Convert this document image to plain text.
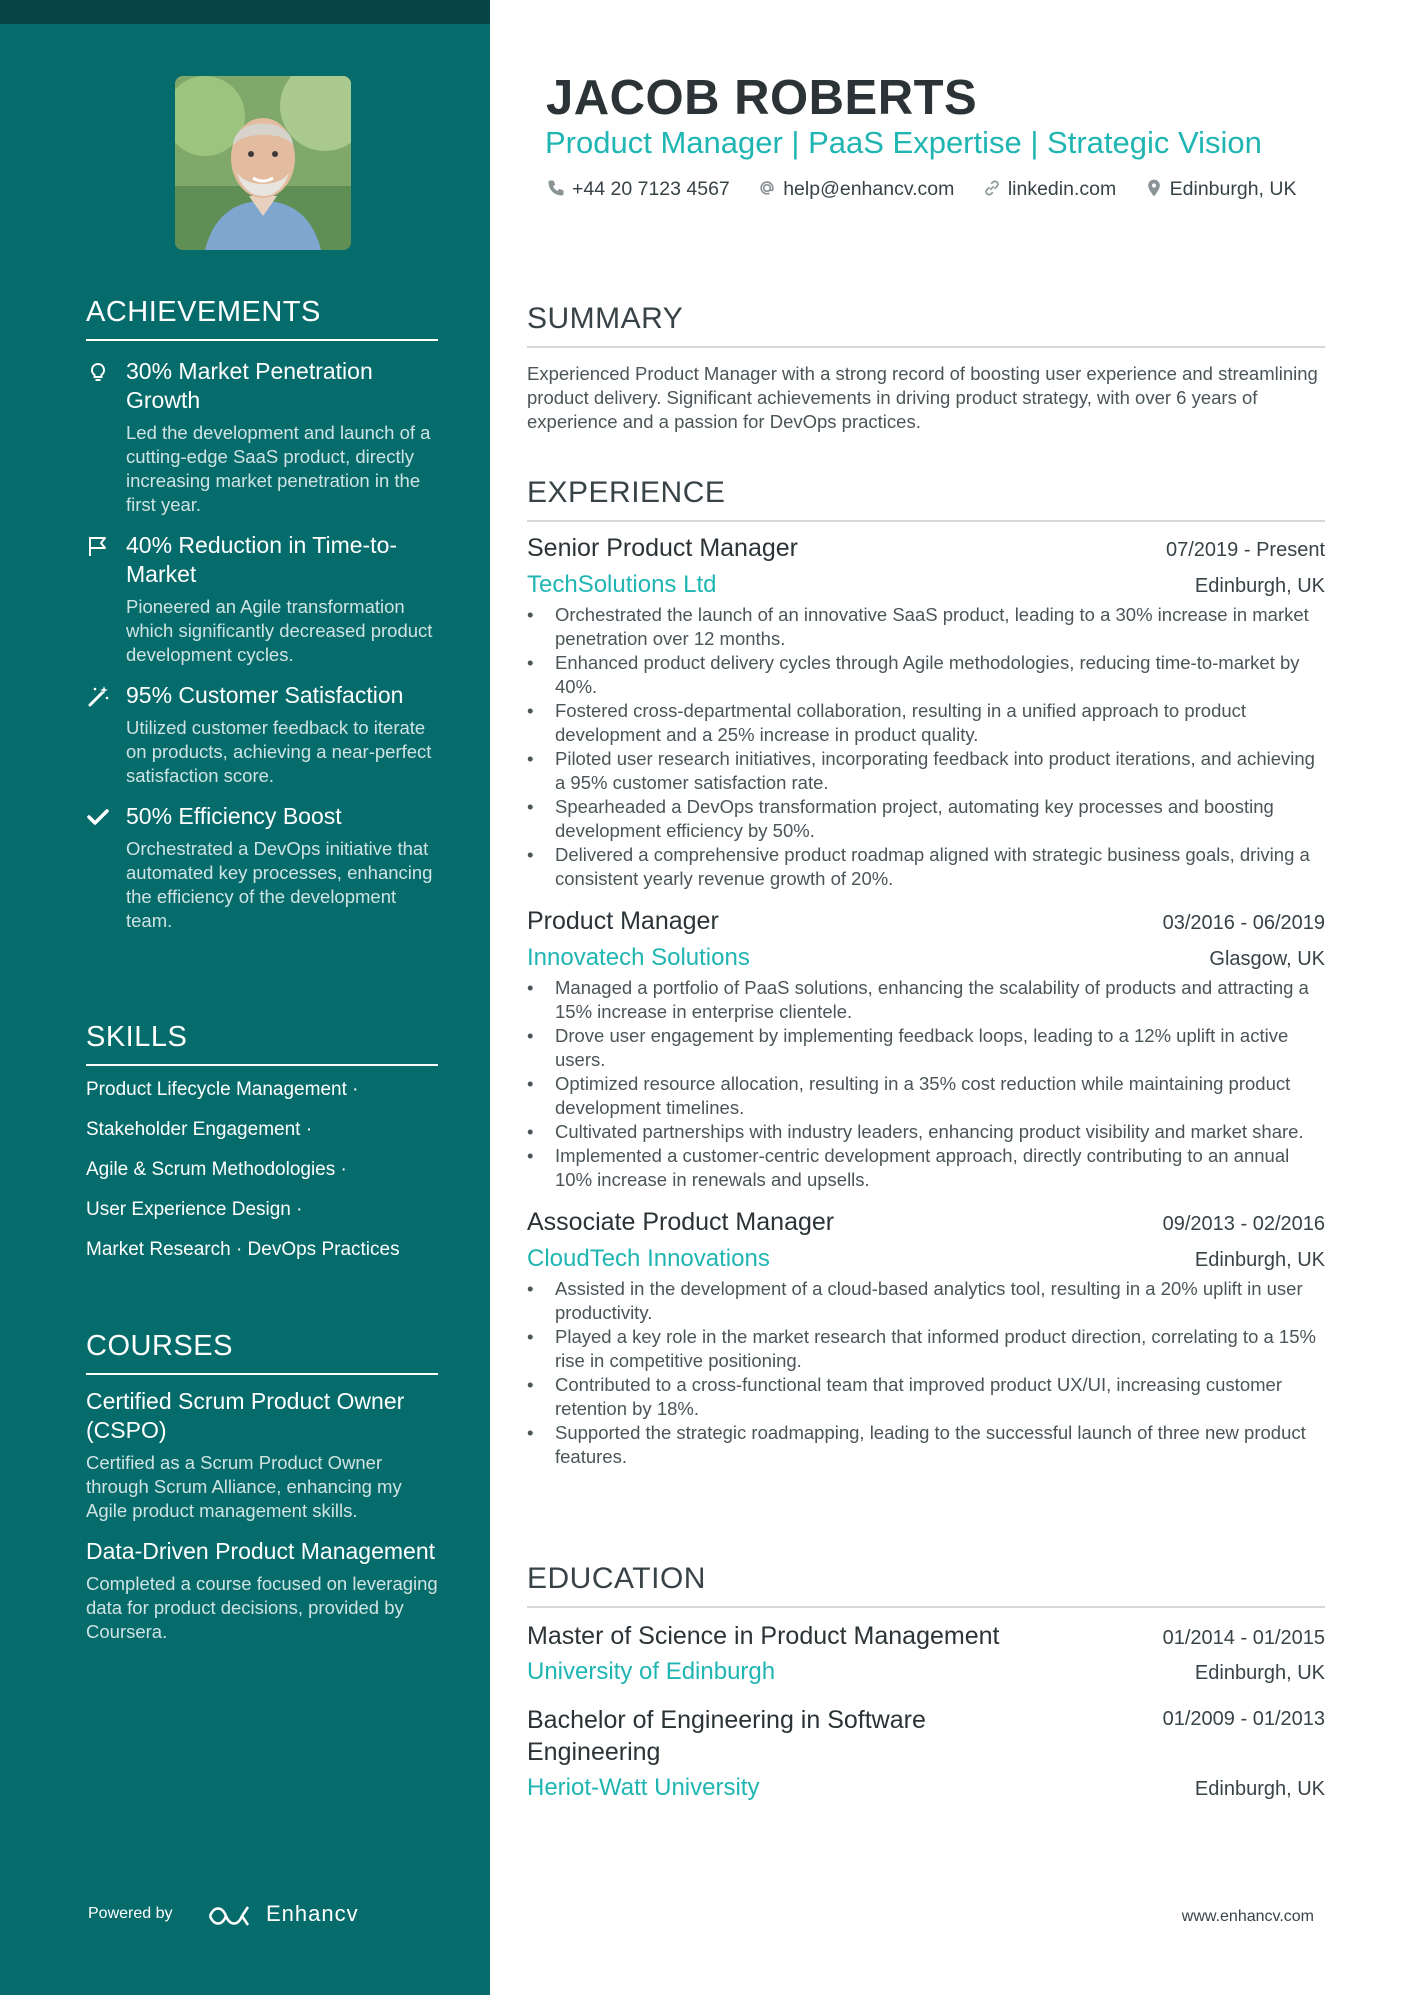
ACHIEVEMENTS
30% Market Penetration Growth
Led the development and launch of a cutting-edge SaaS product, directly increasing market penetration in the first year.
40% Reduction in Time-to-Market
Pioneered an Agile transformation which significantly decreased product development cycles.
95% Customer Satisfaction
Utilized customer feedback to iterate on products, achieving a near-perfect satisfaction score.
50% Efficiency Boost
Orchestrated a DevOps initiative that automated key processes, enhancing the efficiency of the development team.
SKILLS
Product Lifecycle Management ·
Stakeholder Engagement ·
Agile & Scrum Methodologies ·
User Experience Design ·
Market Research · DevOps Practices
COURSES
Certified Scrum Product Owner (CSPO)
Certified as a Scrum Product Owner through Scrum Alliance, enhancing my Agile product management skills.
Data-Driven Product Management
Completed a course focused on leveraging data for product decisions, provided by Coursera.
Powered by	Enhancv
JACOB ROBERTS
Product Manager | PaaS Expertise | Strategic Vision
+44 20 7123 4567	help@enhancv.com	linkedin.com	Edinburgh, UK
SUMMARY
Experienced Product Manager with a strong record of boosting user experience and streamlining product delivery. Significant achievements in driving product strategy, with over 6 years of experience and a passion for DevOps practices.
EXPERIENCE
Senior Product Manager	07/2019 - Present
TechSolutions Ltd	Edinburgh, UK
• Orchestrated the launch of an innovative SaaS product, leading to a 30% increase in market penetration over 12 months.
• Enhanced product delivery cycles through Agile methodologies, reducing time-to-market by 40%.
• Fostered cross-departmental collaboration, resulting in a unified approach to product development and a 25% increase in product quality.
• Piloted user research initiatives, incorporating feedback into product iterations, and achieving a 95% customer satisfaction rate.
• Spearheaded a DevOps transformation project, automating key processes and boosting development efficiency by 50%.
• Delivered a comprehensive product roadmap aligned with strategic business goals, driving a consistent yearly revenue growth of 20%.
Product Manager	03/2016 - 06/2019
Innovatech Solutions	Glasgow, UK
• Managed a portfolio of PaaS solutions, enhancing the scalability of products and attracting a 15% increase in enterprise clientele.
• Drove user engagement by implementing feedback loops, leading to a 12% uplift in active users.
• Optimized resource allocation, resulting in a 35% cost reduction while maintaining product development timelines.
• Cultivated partnerships with industry leaders, enhancing product visibility and market share.
• Implemented a customer-centric development approach, directly contributing to an annual 10% increase in renewals and upsells.
Associate Product Manager	09/2013 - 02/2016
CloudTech Innovations	Edinburgh, UK
• Assisted in the development of a cloud-based analytics tool, resulting in a 20% uplift in user productivity.
• Played a key role in the market research that informed product direction, correlating to a 15% rise in competitive positioning.
• Contributed to a cross-functional team that improved product UX/UI, increasing customer retention by 18%.
• Supported the strategic roadmapping, leading to the successful launch of three new product features.
EDUCATION
Master of Science in Product Management	01/2014 - 01/2015
University of Edinburgh	Edinburgh, UK
Bachelor of Engineering in Software Engineering
01/2009 - 01/2013
Heriot-Watt University	Edinburgh, UK
www.enhancv.com
